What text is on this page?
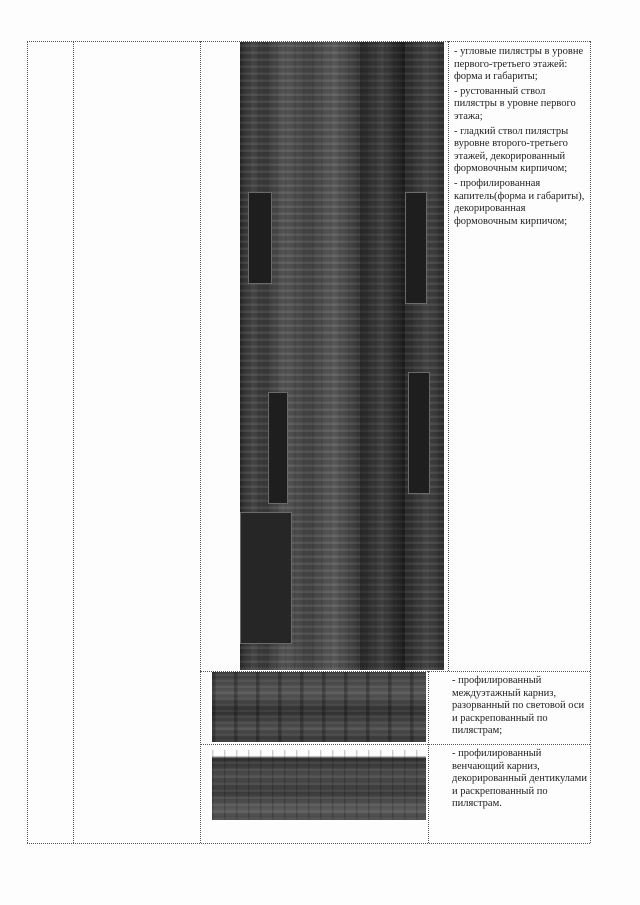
- угловые пилястры в уровне первого-третьего этажей: форма и габариты;

- рустованный ствол пилястры в уровне первого этажа;

- гладкий ствол пилястры вуровне второго-третьего этажей, декорированный формовочным кирпичом;

- профилированная капитель(форма и габариты), декорированная формовочным кирпичом;

- профилированный междуэтажный карниз, разорванный по световой оси и раскрепованный по пилястрам;

- профилированный венчающий карниз, декорированный дентикулами и раскрепованный по пилястрам.
